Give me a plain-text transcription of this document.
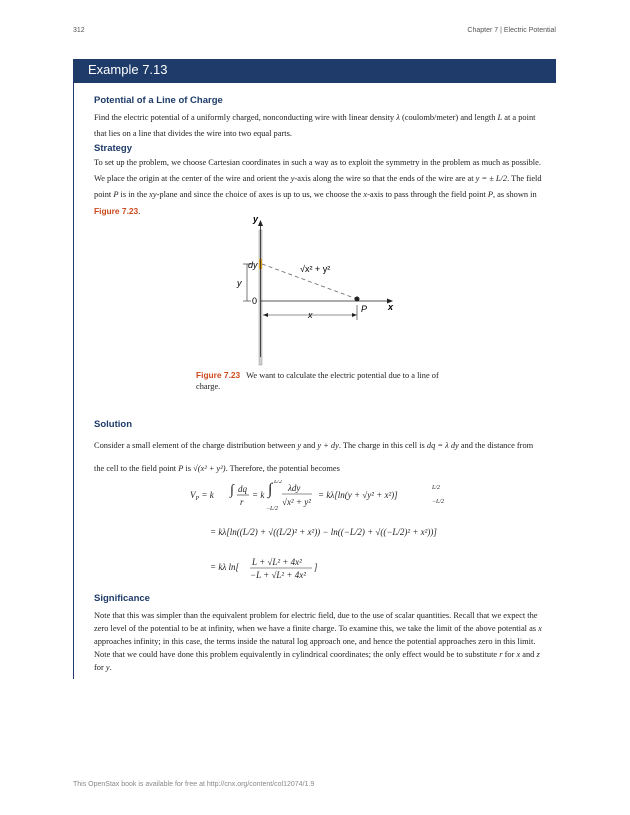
312	Chapter 7 | Electric Potential
Example 7.13
Potential of a Line of Charge
Find the electric potential of a uniformly charged, nonconducting wire with linear density λ (coulomb/meter) and length L at a point that lies on a line that divides the wire into two equal parts.
Strategy
To set up the problem, we choose Cartesian coordinates in such a way as to exploit the symmetry in the problem as much as possible. We place the origin at the center of the wire and orient the y-axis along the wire so that the ends of the wire are at y = ± L/2. The field point P is in the xy-plane and since the choice of axes is up to us, we choose the x-axis to pass through the field point P, as shown in Figure 7.23.
y
x
dy
y
0
P
x
√x² + y²
Figure 7.23 We want to calculate the electric potential due to a line of charge.
Solution
Consider a small element of the charge distribution between y and y + dy. The charge in this cell is dq = λ dy and the distance from the cell to the field point P is √(x² + y²). Therefore, the potential becomes
$V_P = k$ ∫ dq
r
= k ∫ L/2
−L/2
λdy
√x² + y²
= kλ[ln(y + √y² + x²)]
L/2
−L/2
= kλ[ln((L/2) + √((L/2)² + x²)) − ln((−L/2) + √((−L/2)² + x²))]
= kλ ln[ L + √L² + 4x²
−L + √L² + 4x²
]
Significance
Note that this was simpler than the equivalent problem for electric field, due to the use of scalar quantities. Recall that we expect the zero level of the potential to be at infinity, when we have a finite charge. To examine this, we take the limit of the above potential as x approaches infinity; in this case, the terms inside the natural log approach one, and hence the potential approaches zero in this limit. Note that we could have done this problem equivalently in cylindrical coordinates; the only effect would be to substitute r for x and z for y.
This OpenStax book is available for free at http://cnx.org/content/col12074/1.9
